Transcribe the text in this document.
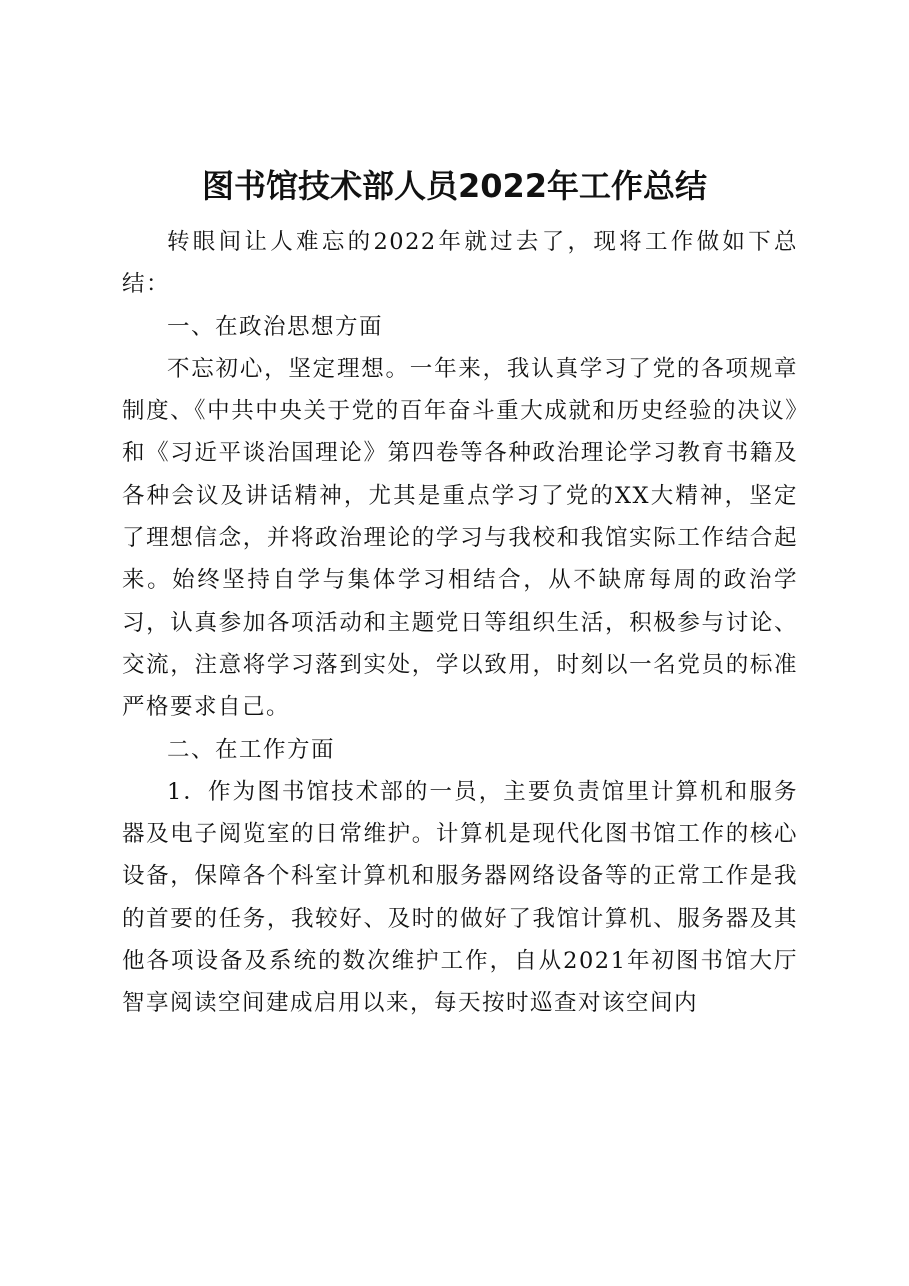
图书馆技术部人员2022年工作总结

转眼间让人难忘的2022年就过去了，现将工作做如下总结：

一、在政治思想方面

不忘初心，坚定理想。一年来，我认真学习了党的各项规章制度、《中共中央关于党的百年奋斗重大成就和历史经验的决议》和《习近平谈治国理论》第四卷等各种政治理论学习教育书籍及各种会议及讲话精神，尤其是重点学习了党的XX大精神，坚定了理想信念，并将政治理论的学习与我校和我馆实际工作结合起来。始终坚持自学与集体学习相结合，从不缺席每周的政治学习，认真参加各项活动和主题党日等组织生活，积极参与讨论、交流，注意将学习落到实处，学以致用，时刻以一名党员的标准严格要求自己。

二、在工作方面

1．作为图书馆技术部的一员，主要负责馆里计算机和服务器及电子阅览室的日常维护。计算机是现代化图书馆工作的核心设备，保障各个科室计算机和服务器网络设备等的正常工作是我的首要的任务，我较好、及时的做好了我馆计算机、服务器及其他各项设备及系统的数次维护工作，自从2021年初图书馆大厅智享阅读空间建成启用以来，每天按时巡查对该空间内
